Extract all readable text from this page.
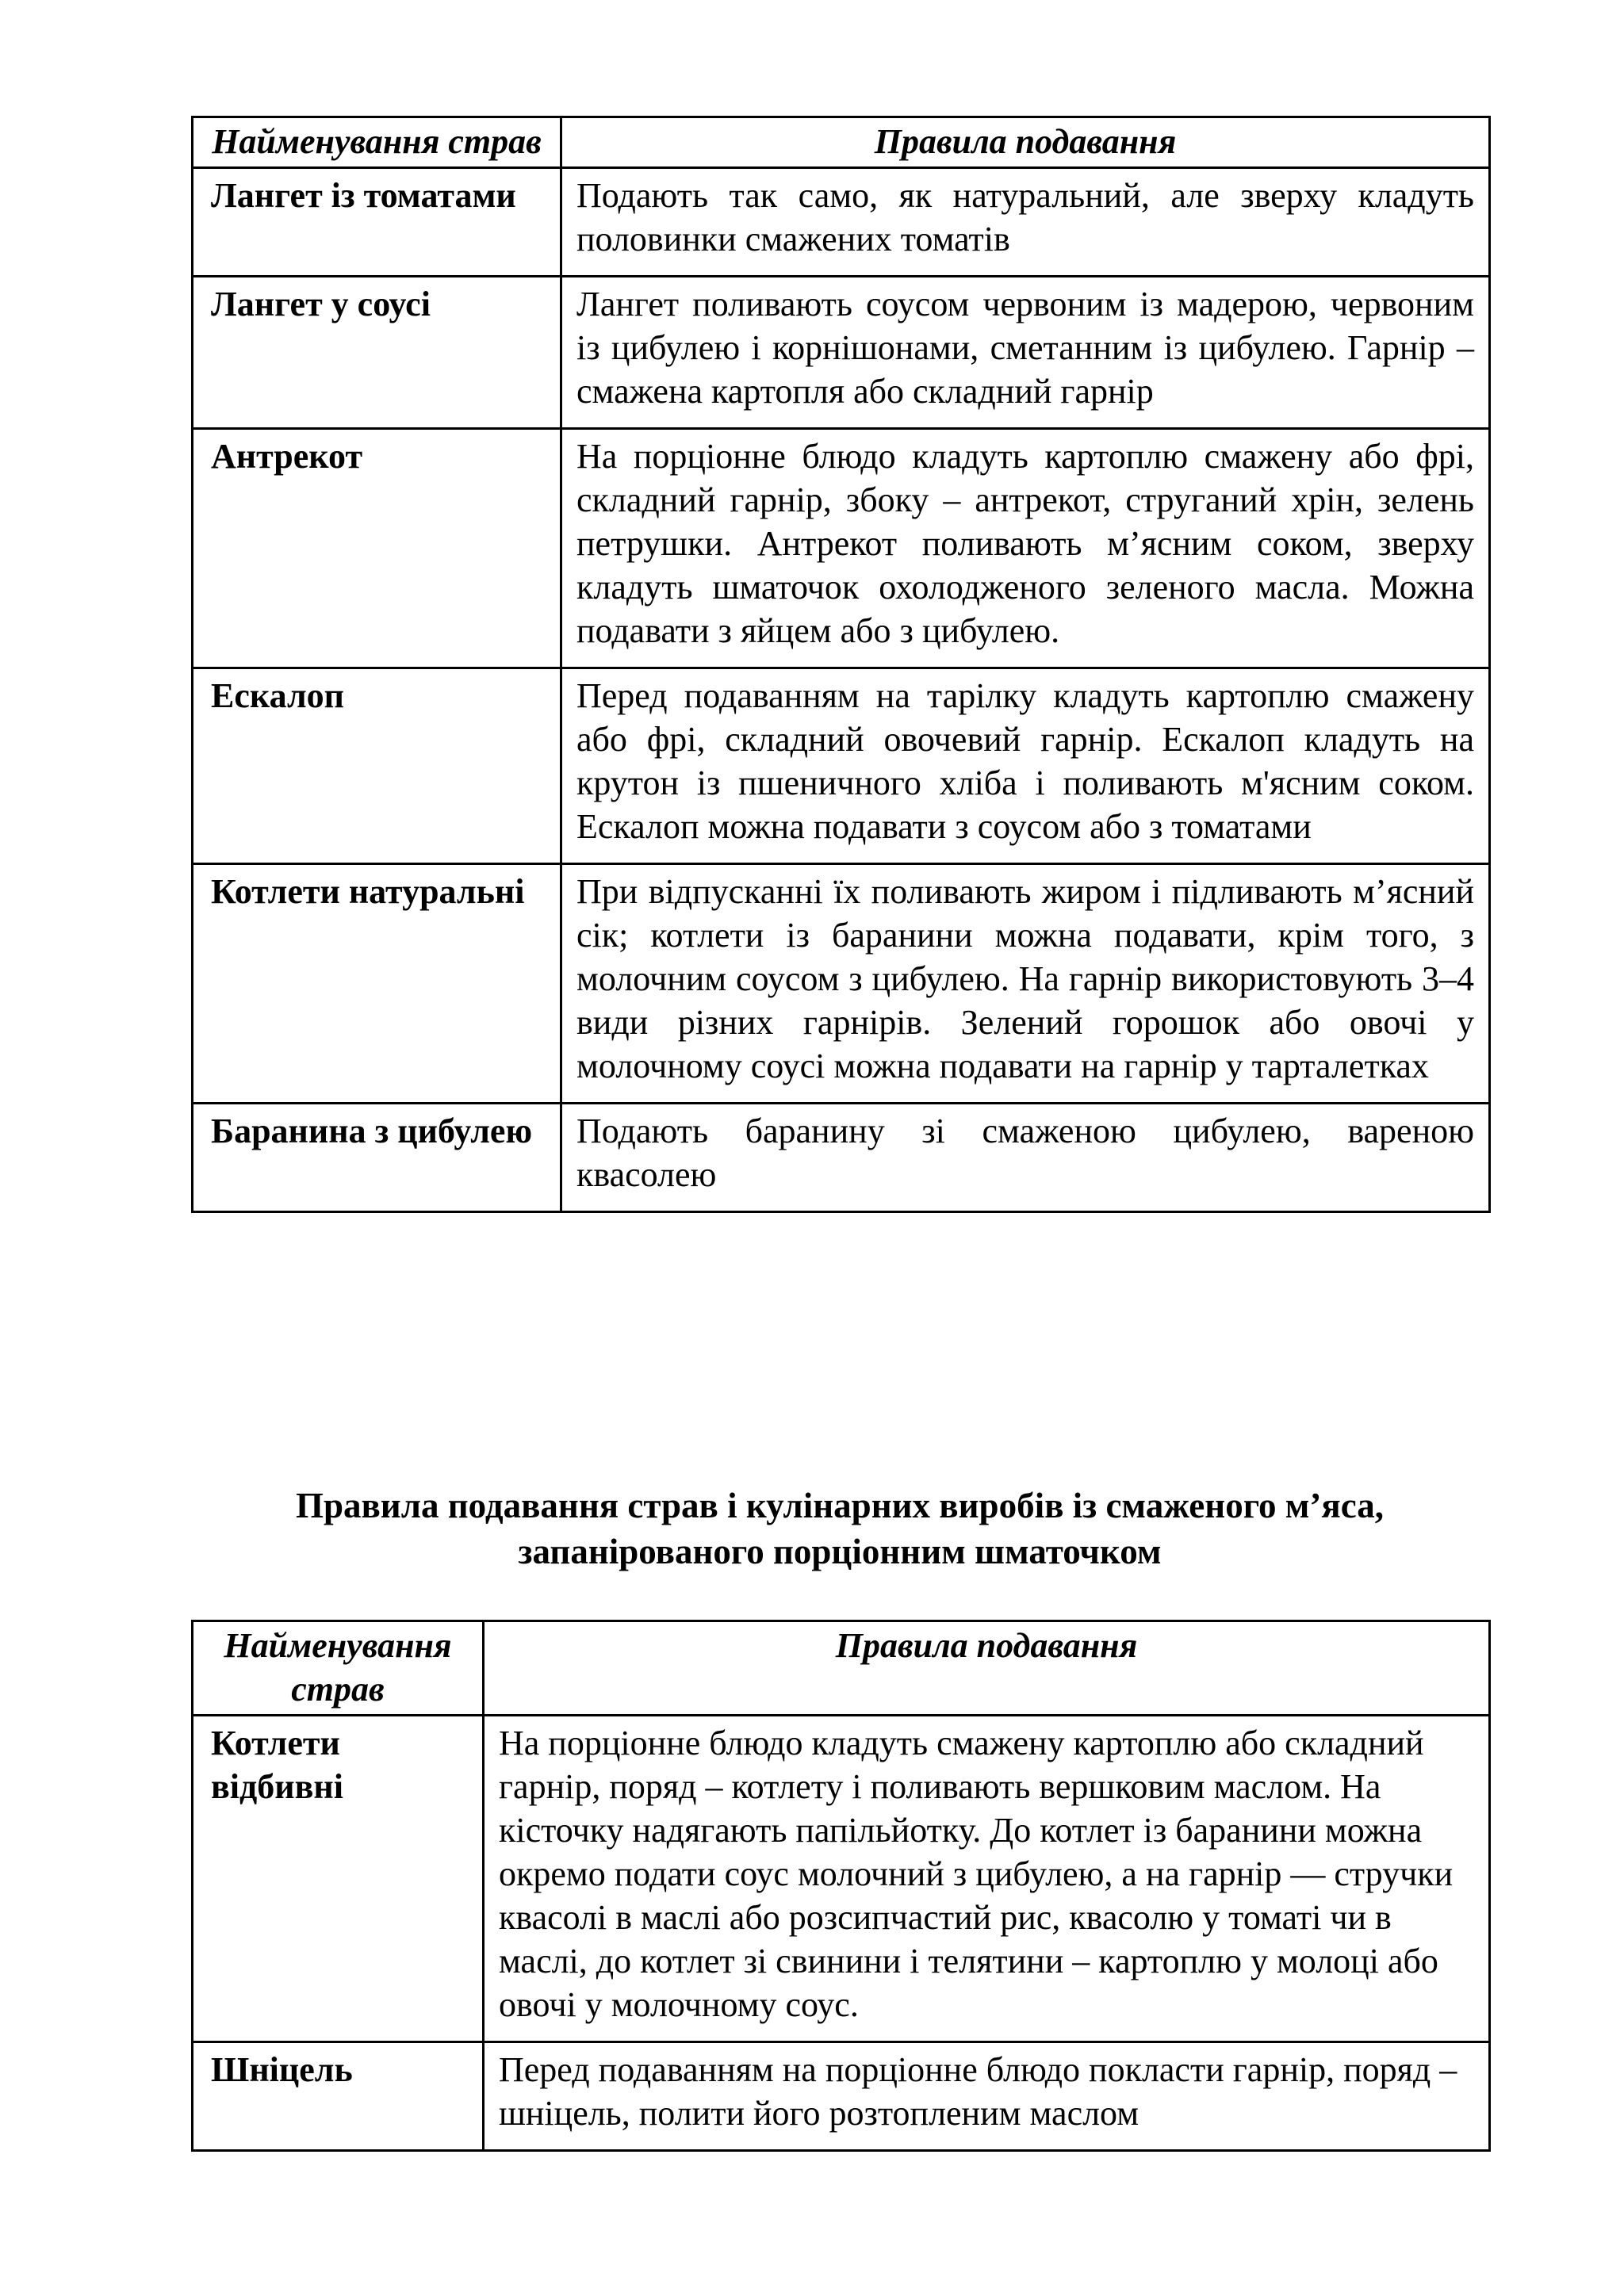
Найменування страв	Правила подавання
Лангет із томатами	Подають так само, як натуральний, але зверху кладуть половинки смажених томатів
Лангет у соусі	Лангет поливають соусом червоним із мадерою, червоним із цибулею і корнішонами, сметанним із цибулею. Гарнір – смажена картопля або складний гарнір
Антрекот	На порціонне блюдо кладуть картоплю смажену або фрі, складний гарнір, збоку – антрекот, струганий хрін, зелень петрушки. Антрекот поливають м’ясним соком, зверху кладуть шматочок охолодженого зеленого масла. Можна подавати з яйцем або з цибулею.
Ескалоп	Перед подаванням на тарілку кладуть картоплю смажену або фрі, складний овочевий гарнір. Ескалоп кладуть на крутон із пшеничного хліба і поливають м'ясним соком. Ескалоп можна подавати з соусом або з томатами
Котлети натуральні	При відпусканні їх поливають жиром і підливають м’ясний сік; котлети із баранини можна подавати, крім того, з молочним соусом з цибулею. На гарнір використовують 3–4 види різних гарнірів. Зелений горошок або овочі у молочному соусі можна подавати на гарнір у тарталетках
Баранина з цибулею	Подають баранину зі смаженою цибулею, вареною квасолею
Правила подавання страв і кулінарних виробів із смаженого м’яса, запанірованого порціонним шматочком
Найменування страв	Правила подавання
Котлети відбивні	На порціонне блюдо кладуть смажену картоплю або складний гарнір, поряд – котлету і поливають вершковим маслом. На кісточку надягають папільйотку. До котлет із баранини можна окремо подати соус молочний з цибулею, а на гарнір — стручки квасолі в маслі або розсипчастий рис, квасолю у томаті чи в маслі, до котлет зі свинини і телятини – картоплю у молоці або овочі у молочному соус.
Шніцель	Перед подаванням на порціонне блюдо покласти гарнір, поряд – шніцель, полити його розтопленим маслом
